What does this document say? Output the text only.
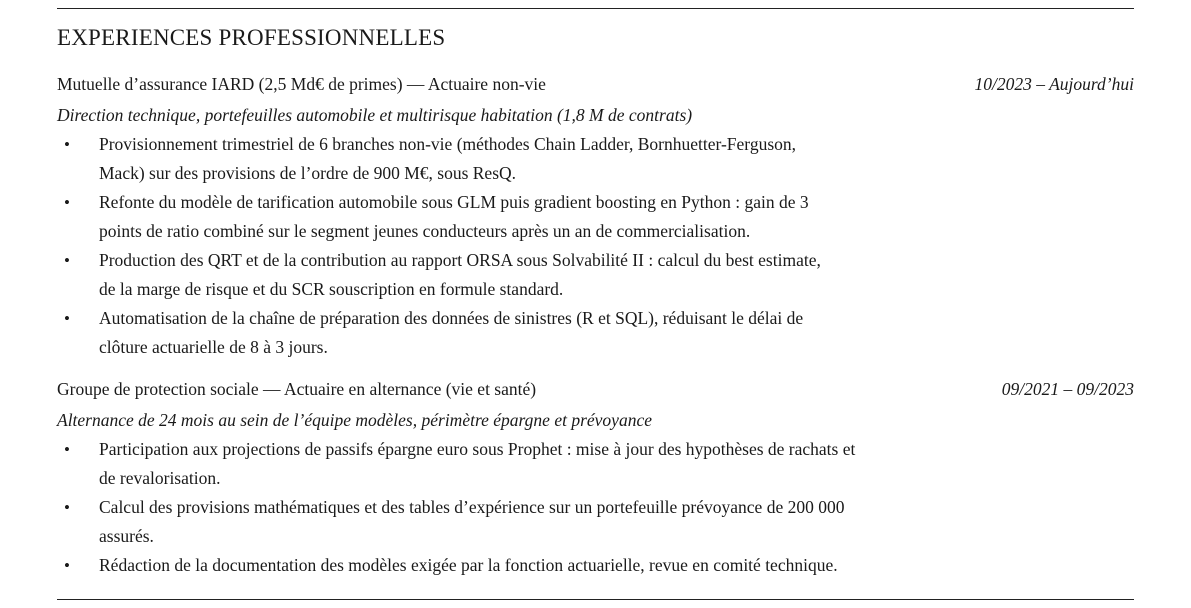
EXPERIENCES PROFESSIONNELLES
Mutuelle d’assurance IARD (2,5 Md€ de primes) — Actuaire non-vie	10/2023 – Aujourd’hui
Direction technique, portefeuilles automobile et multirisque habitation (1,8 M de contrats)
• Provisionnement trimestriel de 6 branches non-vie (méthodes Chain Ladder, Bornhuetter-Ferguson,
Mack) sur des provisions de l’ordre de 900 M€, sous ResQ.
• Refonte du modèle de tarification automobile sous GLM puis gradient boosting en Python : gain de 3
points de ratio combiné sur le segment jeunes conducteurs après un an de commercialisation.
• Production des QRT et de la contribution au rapport ORSA sous Solvabilité II : calcul du best estimate,
de la marge de risque et du SCR souscription en formule standard.
• Automatisation de la chaîne de préparation des données de sinistres (R et SQL), réduisant le délai de
clôture actuarielle de 8 à 3 jours.
Groupe de protection sociale — Actuaire en alternance (vie et santé)	09/2021 – 09/2023
Alternance de 24 mois au sein de l’équipe modèles, périmètre épargne et prévoyance
• Participation aux projections de passifs épargne euro sous Prophet : mise à jour des hypothèses de rachats et
de revalorisation.
• Calcul des provisions mathématiques et des tables d’expérience sur un portefeuille prévoyance de 200 000
assurés.
• Rédaction de la documentation des modèles exigée par la fonction actuarielle, revue en comité technique.
